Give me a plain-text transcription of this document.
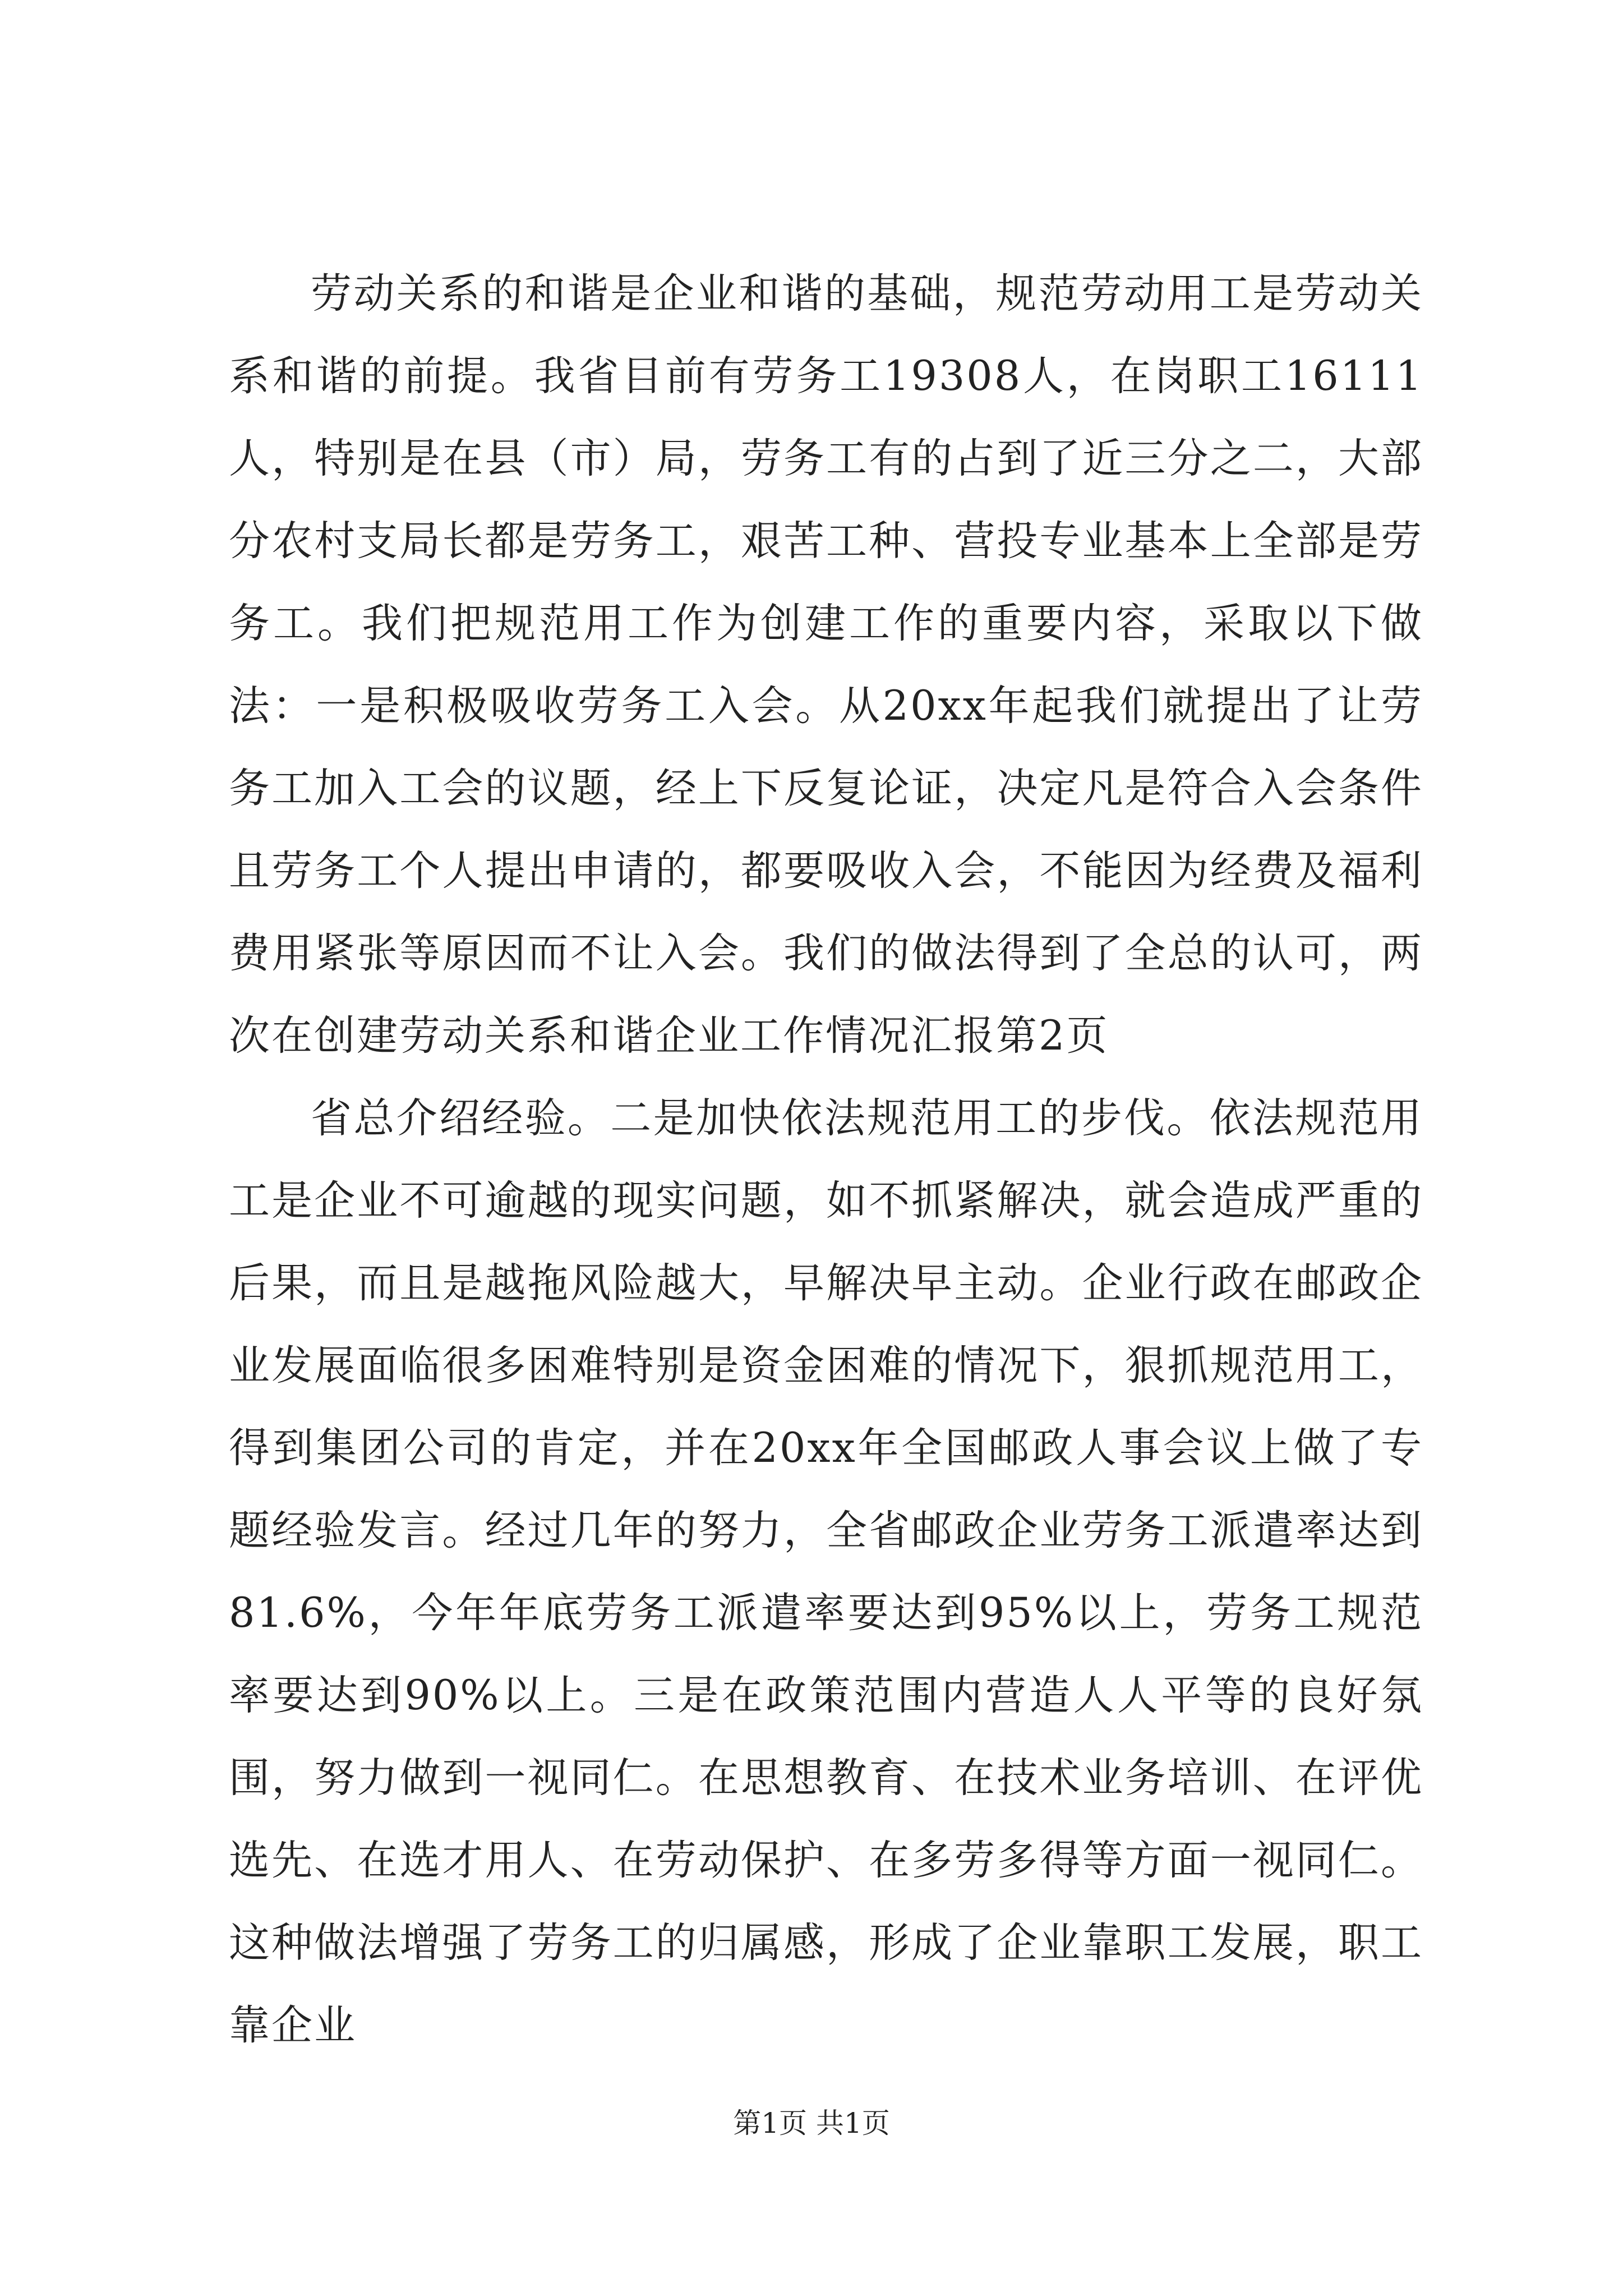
劳动关系的和谐是企业和谐的基础，规范劳动用工是劳动关系和谐的前提。我省目前有劳务工19308人，在岗职工16111人，特别是在县（市）局，劳务工有的占到了近三分之二，大部分农村支局长都是劳务工，艰苦工种、营投专业基本上全部是劳务工。我们把规范用工作为创建工作的重要内容，采取以下做法：一是积极吸收劳务工入会。从20xx年起我们就提出了让劳务工加入工会的议题，经上下反复论证，决定凡是符合入会条件且劳务工个人提出申请的，都要吸收入会，不能因为经费及福利费用紧张等原因而不让入会。我们的做法得到了全总的认可，两次在创建劳动关系和谐企业工作情况汇报第2页

省总介绍经验。二是加快依法规范用工的步伐。依法规范用工是企业不可逾越的现实问题，如不抓紧解决，就会造成严重的后果，而且是越拖风险越大，早解决早主动。企业行政在邮政企业发展面临很多困难特别是资金困难的情况下，狠抓规范用工，得到集团公司的肯定，并在20xx年全国邮政人事会议上做了专题经验发言。经过几年的努力，全省邮政企业劳务工派遣率达到81.6%，今年年底劳务工派遣率要达到95%以上，劳务工规范率要达到90%以上。三是在政策范围内营造人人平等的良好氛围，努力做到一视同仁。在思想教育、在技术业务培训、在评优选先、在选才用人、在劳动保护、在多劳多得等方面一视同仁。这种做法增强了劳务工的归属感，形成了企业靠职工发展，职工靠企业

第1页 共1页
